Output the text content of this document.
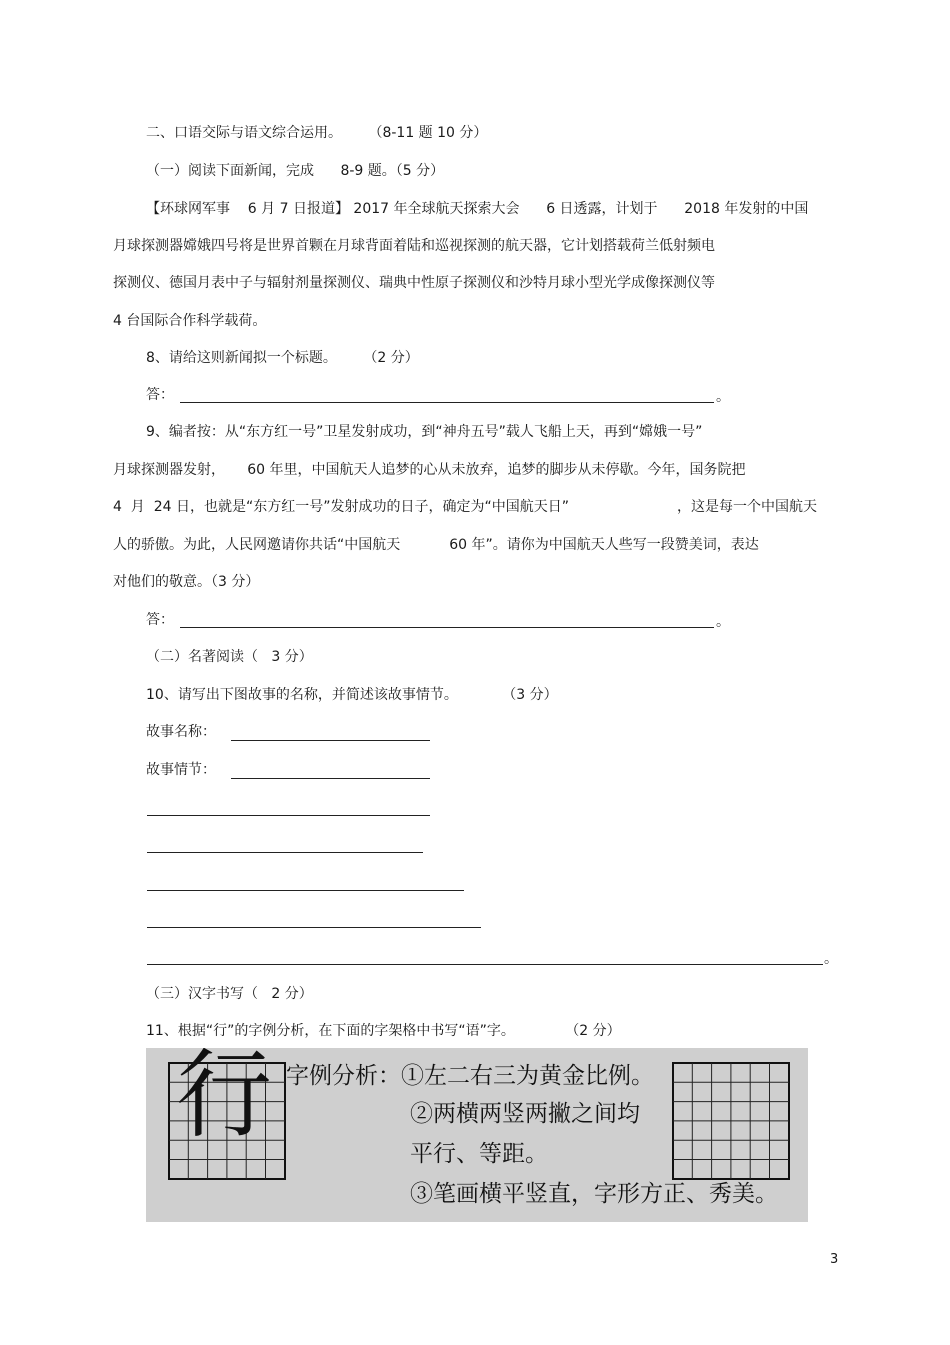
二、口语交际与语文综合运用。 （8-11 题 10 分）
（一）阅读下面新闻，完成 8-9 题。（5 分）
【环球网军事    6 月 7 日报道】 2017 年全球航天探索大会      6 日透露，计划于      2018 年发射的中国
月球探测器嫦娥四号将是世界首颗在月球背面着陆和巡视探测的航天器，它计划搭载荷兰低射频电
探测仪、德国月表中子与辐射剂量探测仪、瑞典中性原子探测仪和沙特月球小型光学成像探测仪等
4 台国际合作科学载荷。
8、请给这则新闻拟一个标题。 （2 分）
答：	。
9、编者按：从“东方红一号”卫星发射成功，到“神舟五号”载人飞船上天，再到“嫦娥一号”
月球探测器发射，     60 年里，中国航天人追梦的心从未放弃，追梦的脚步从未停歇。今年，国务院把
4  月  24 日，也就是“东方红一号”发射成功的日子，确定为“中国航天日”	，这是每一个中国航天
人的骄傲。为此，人民网邀请你共话“中国航天           60 年”。请你为中国航天人些写一段赞美词，表达
对他们的敬意。（3 分）
答：	。
（二）名著阅读（   3 分）
10、请写出下图故事的名称，并简述该故事情节。	（3 分）
故事名称：
故事情节：
。
（三）汉字书写（   2 分）
11、根据“行”的字例分析，在下面的字架格中书写“语”字。	（2 分）
行 字例分析：①左二右三为黄金比例。
②两横两竖两撇之间均
平行、等距。
③笔画横平竖直，字形方正、秀美。
3
